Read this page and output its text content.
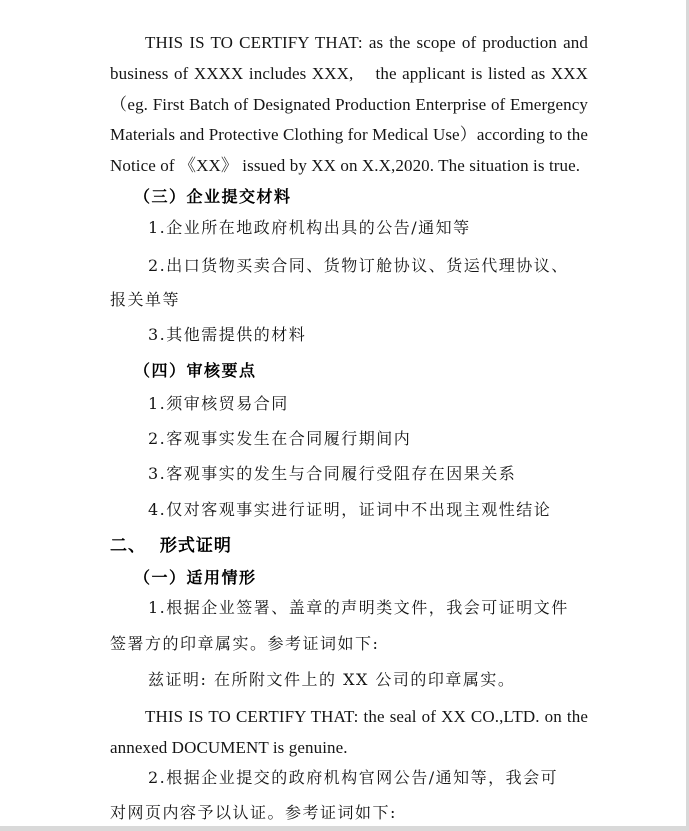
THIS IS TO CERTIFY THAT: as the scope of production and
business of XXXX includes XXX,    the applicant is listed as XXX
（eg. First Batch of Designated Production Enterprise of Emergency
Materials and Protective Clothing for Medical Use）according to the
Notice of 《XX》 issued by XX on X.X,2020. The situation is true.
（三）企业提交材料
1.企业所在地政府机构出具的公告/通知等
2.出口货物买卖合同、货物订舱协议、货运代理协议、
报关单等
3.其他需提供的材料
（四）审核要点
1.须审核贸易合同
2.客观事实发生在合同履行期间内
3.客观事实的发生与合同履行受阻存在因果关系
4.仅对客观事实进行证明，证词中不出现主观性结论
二、  形式证明
（一）适用情形
1.根据企业签署、盖章的声明类文件，我会可证明文件
签署方的印章属实。参考证词如下:
兹证明: 在所附文件上的 XX 公司的印章属实。
THIS IS TO CERTIFY THAT: the seal of XX CO.,LTD. on the
annexed DOCUMENT is genuine.
2.根据企业提交的政府机构官网公告/通知等，我会可
对网页内容予以认证。参考证词如下:
